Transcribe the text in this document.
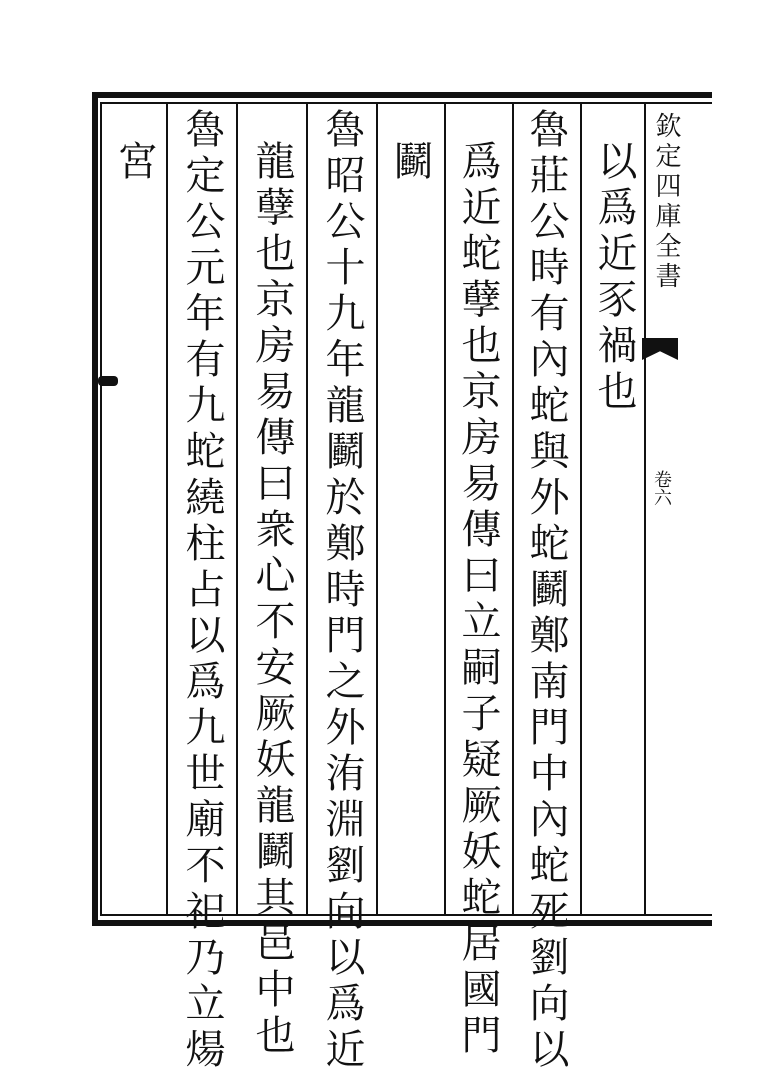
欽定四庫全書
卷六
以爲近豕禍也
魯莊公時有內蛇與外蛇鬬鄭南門中內蛇死劉向以
爲近蛇孽也京房易傳曰立嗣子疑厥妖蛇居國門
鬬
魯昭公十九年龍鬬於鄭時門之外洧淵劉向以爲近
龍孽也京房易傳曰衆心不安厥妖龍鬬其邑中也
魯定公元年有九蛇繞柱占以爲九世廟不祀乃立煬
宮
